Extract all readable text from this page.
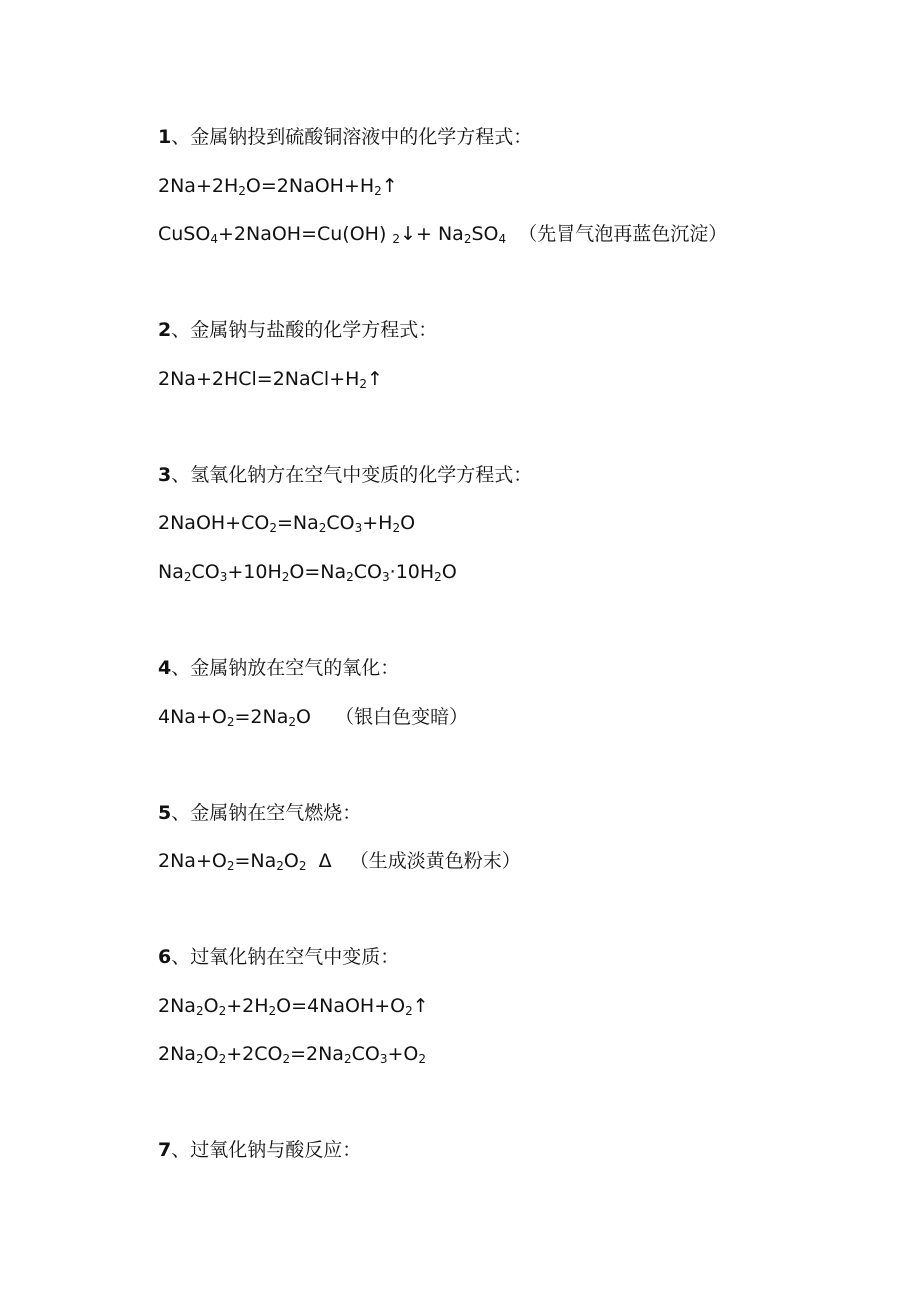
1、金属钠投到硫酸铜溶液中的化学方程式：
$2Na+2H_2O=2NaOH+H_2↑$
CuSO$_4$+2NaOH=Cu(OH) $_2$↓+ $Na_2SO_4$  （先冒气泡再蓝色沉淀）
2、金属钠与盐酸的化学方程式：
$2Na+2HCl=2NaCl+H_2↑$
3、氢氧化钠方在空气中变质的化学方程式：
$2NaOH+CO_2=Na_2CO_3+H_2O$
$Na_2CO_3+10H_2O=Na_2CO_3\cdot 10H_2O$
4、金属钠放在空气的氧化：
$4Na+O_2=2Na_2O$    （银白色变暗）
5、金属钠在空气燃烧：
$2Na+O_2=Na_2O_2$  Δ   （生成淡黄色粉末）
6、过氧化钠在空气中变质：
$2Na_2O_2+2H_2O=4NaOH+O_2↑$
$2Na_2O_2+2CO_2=2Na_2CO_3+O_2$
7、过氧化钠与酸反应：
